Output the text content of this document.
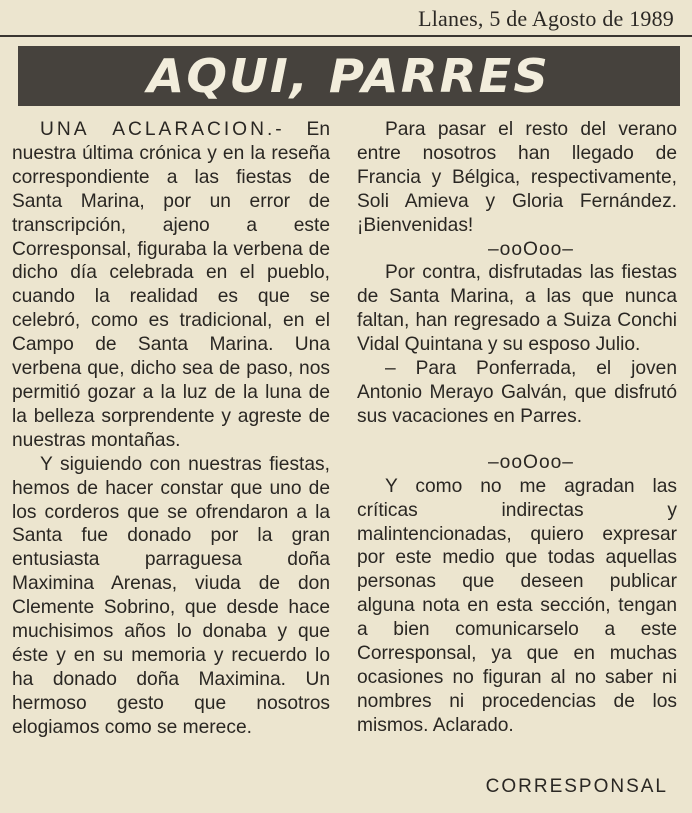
Llanes, 5 de Agosto de 1989
AQUI, PARRES

UNA ACLARACION.- En nuestra última crónica y en la reseña correspondiente a las fiestas de Santa Marina, por un error de transcripción, ajeno a este Corresponsal, figuraba la verbena de dicho día celebrada en el pueblo, cuando la realidad es que se celebró, como es tradicional, en el Campo de Santa Marina. Una verbena que, dicho sea de paso, nos permitió gozar a la luz de la luna de la belleza sorprendente y agreste de nuestras montañas.

Y siguiendo con nuestras fiestas, hemos de hacer constar que uno de los corderos que se ofrendaron a la Santa fue donado por la gran entusiasta parraguesa doña Maximina Arenas, viuda de don Clemente Sobrino, que desde hace muchisimos años lo donaba y que éste y en su memoria y recuerdo lo ha donado doña Maximina. Un hermoso gesto que nosotros elogiamos como se merece.

Para pasar el resto del verano entre nosotros han llegado de Francia y Bélgica, respectivamente, Soli Amieva y Gloria Fernández. ¡Bienvenidas!

–ooOoo–

Por contra, disfrutadas las fiestas de Santa Marina, a las que nunca faltan, han regresado a Suiza Conchi Vidal Quintana y su esposo Julio.

– Para Ponferrada, el joven Antonio Merayo Galván, que disfrutó sus vacaciones en Parres.

–ooOoo–

Y como no me agradan las críticas indirectas y malintencionadas, quiero expresar por este medio que todas aquellas personas que deseen publicar alguna nota en esta sección, tengan a bien comunicarselo a este Corresponsal, ya que en muchas ocasiones no figuran al no saber ni nombres ni procedencias de los mismos. Aclarado.

CORRESPONSAL
